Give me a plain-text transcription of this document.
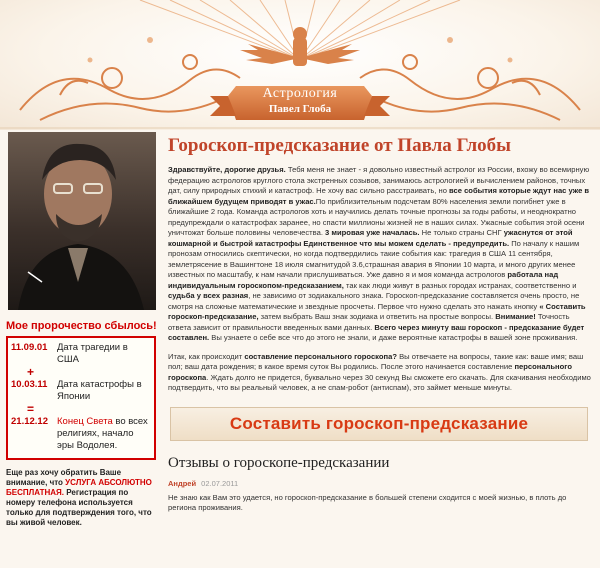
Астрология
Павел Глоба
Мое пророчество сбылось!
11.09.01	Дата трагедии в США
+
10.03.11	Дата катастрофы в Японии
=
21.12.12 Конец Света во всех религиях, начало эры Водолея.
Еще раз хочу обратить Ваше внимание, что УСЛУГА АБСОЛЮТНО БЕСПЛАТНАЯ. Регистрация по номеру телефона используется только для подтверждения того, что вы живой человек.
Гороскоп-предсказание от Павла Глобы
Здравствуйте, дорогие друзья. Тебя меня не знает - я довольно известный астролог из России, вхожу во всемирную федерацию астрологов круглого стола экстренных созывов, занимаюсь астрологией и вычислением районов, точных дат, силу природных стихий и катастроф. Не хочу вас сильно расстраивать, но все события которые ждут нас уже в ближайшем будущем приводят в ужас.По приблизительным подсчетам 80% населения земли погибнет уже в ближайшие 2 года. Команда астрологов хоть и научились делать точные прогнозы за годы работы, и неоднократно предупреждали о катастрофах заранее, но спасти миллионы жизней не в наших силах. Ужасные события этой осени уничтожат больше половины человечества. 3 мировая уже началась. Не только страны СНГ ужаснутся от этой кошмарной и быстрой катастрофы Единственное что мы можем сделать - предупредить. По началу к нашим пронозам относились скептически, но когда подтвердились такие события как: трагедия в США 11 сентября, землетрясение в Вашингтоне 18 июля смагнитудой 3.6,страшная авария в Японии 10 марта, и много других менее известных по масштабу, к нам начали прислушиваться. Уже давно я и моя команда астрологов работала над индивидуальным гороскопом-предсказанием, так как люди живут в разных городах истранах, соответственно и судьба у всех разная, не зависимо от зодиакального знака. Гороскоп-предсказание составляется очень просто, не смотря на сложные математические и звездные просчеты. Первое что нужно сделать это нажать кнопку « Составить гороскоп-предсказание, затем выбрать Ваш знак зодиака и ответить на простые вопросы. Внимание! Точность ответа зависит от правильности введенных вами данных. Всего через минуту ваш гороскоп - предсказание будет составлен. Вы узнаете о себе все что до этого не знали, и даже вероятные катастрофы в вашей зоне проживания.
Итак, как происходит составление персонального гороскопа? Вы отвечаете на вопросы, такие как: ваше имя; ваш пол; ваш дата рождения; в какое время суток Вы родились. После этого начинается составление персонального гороскопа. Ждать долго не придется, буквально через 30 секунд Вы сможете его скачать. Для скачивания необходимо подтвердить, что вы реальный человек, а не спам-робот (антиспам), это займет меньше минуты.
Составить гороскоп-предсказание
Отзывы о гороскопе-предсказании
Андрей 02.07.2011
Не знаю как Вам это удается, но гороскоп-предсказание в большей степени сходится с моей жизнью, в плоть до региона проживания.
